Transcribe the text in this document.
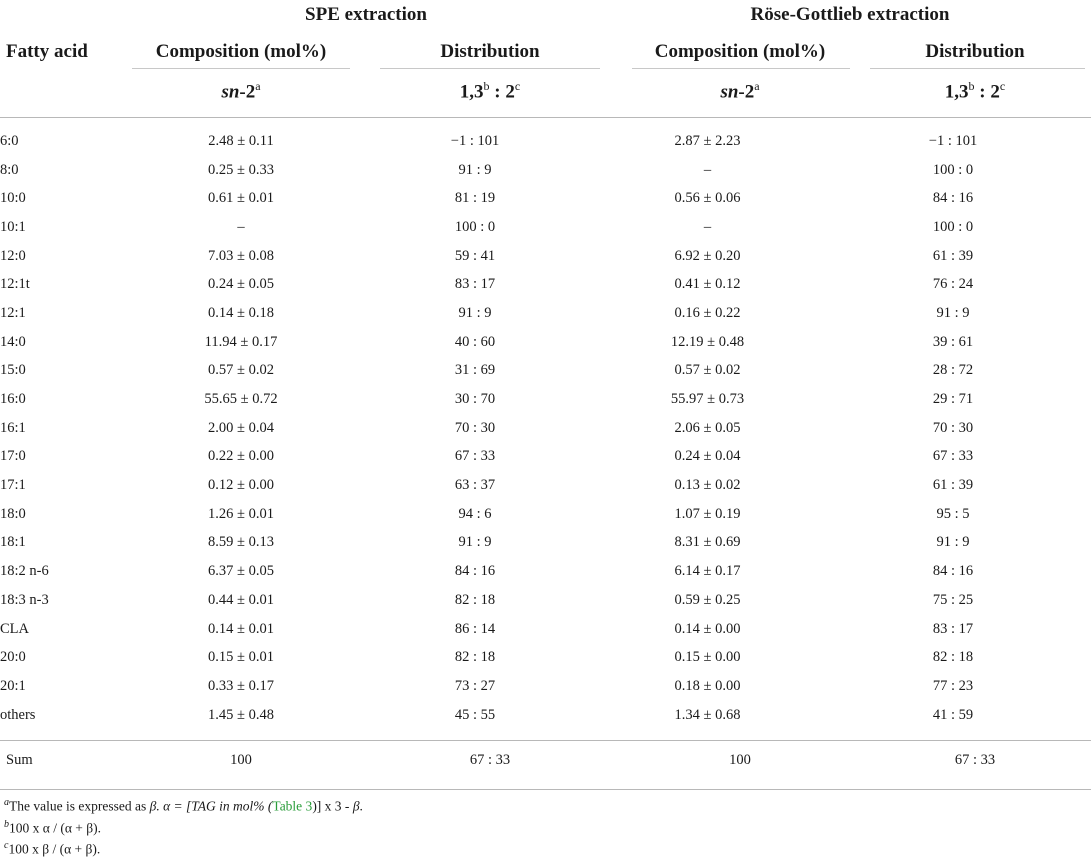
SPE extraction	Röse-Gottlieb extraction
Fatty acid	Composition (mol%)	Distribution	Composition (mol%)	Distribution
sn-2$^a$	1,3$^b$ : 2$^c$	sn-2$^a$	1,3$^b$ : 2$^c$
6:0	2.48 ± 0.11	−1 : 101	2.87 ± 2.23	−1 : 101
8:0	0.25 ± 0.33	91 : 9	–	100 : 0
10:0	0.61 ± 0.01	81 : 19	0.56 ± 0.06	84 : 16
10:1	–	100 : 0	–	100 : 0
12:0	7.03 ± 0.08	59 : 41	6.92 ± 0.20	61 : 39
12:1t	0.24 ± 0.05	83 : 17	0.41 ± 0.12	76 : 24
12:1	0.14 ± 0.18	91 : 9	0.16 ± 0.22	91 : 9
14:0	11.94 ± 0.17	40 : 60	12.19 ± 0.48	39 : 61
15:0	0.57 ± 0.02	31 : 69	0.57 ± 0.02	28 : 72
16:0	55.65 ± 0.72	30 : 70	55.97 ± 0.73	29 : 71
16:1	2.00 ± 0.04	70 : 30	2.06 ± 0.05	70 : 30
17:0	0.22 ± 0.00	67 : 33	0.24 ± 0.04	67 : 33
17:1	0.12 ± 0.00	63 : 37	0.13 ± 0.02	61 : 39
18:0	1.26 ± 0.01	94 : 6	1.07 ± 0.19	95 : 5
18:1	8.59 ± 0.13	91 : 9	8.31 ± 0.69	91 : 9
18:2 n-6	6.37 ± 0.05	84 : 16	6.14 ± 0.17	84 : 16
18:3 n-3	0.44 ± 0.01	82 : 18	0.59 ± 0.25	75 : 25
CLA	0.14 ± 0.01	86 : 14	0.14 ± 0.00	83 : 17
20:0	0.15 ± 0.01	82 : 18	0.15 ± 0.00	82 : 18
20:1	0.33 ± 0.17	73 : 27	0.18 ± 0.00	77 : 23
others	1.45 ± 0.48	45 : 55	1.34 ± 0.68	41 : 59
Sum	100	67 : 33	100	67 : 33
$^a$The value is expressed as β. α = [TAG in mol% (Table 3)] x 3 - β.
$^b$100 x α / (α + β).
$^c$100 x β / (α + β).
